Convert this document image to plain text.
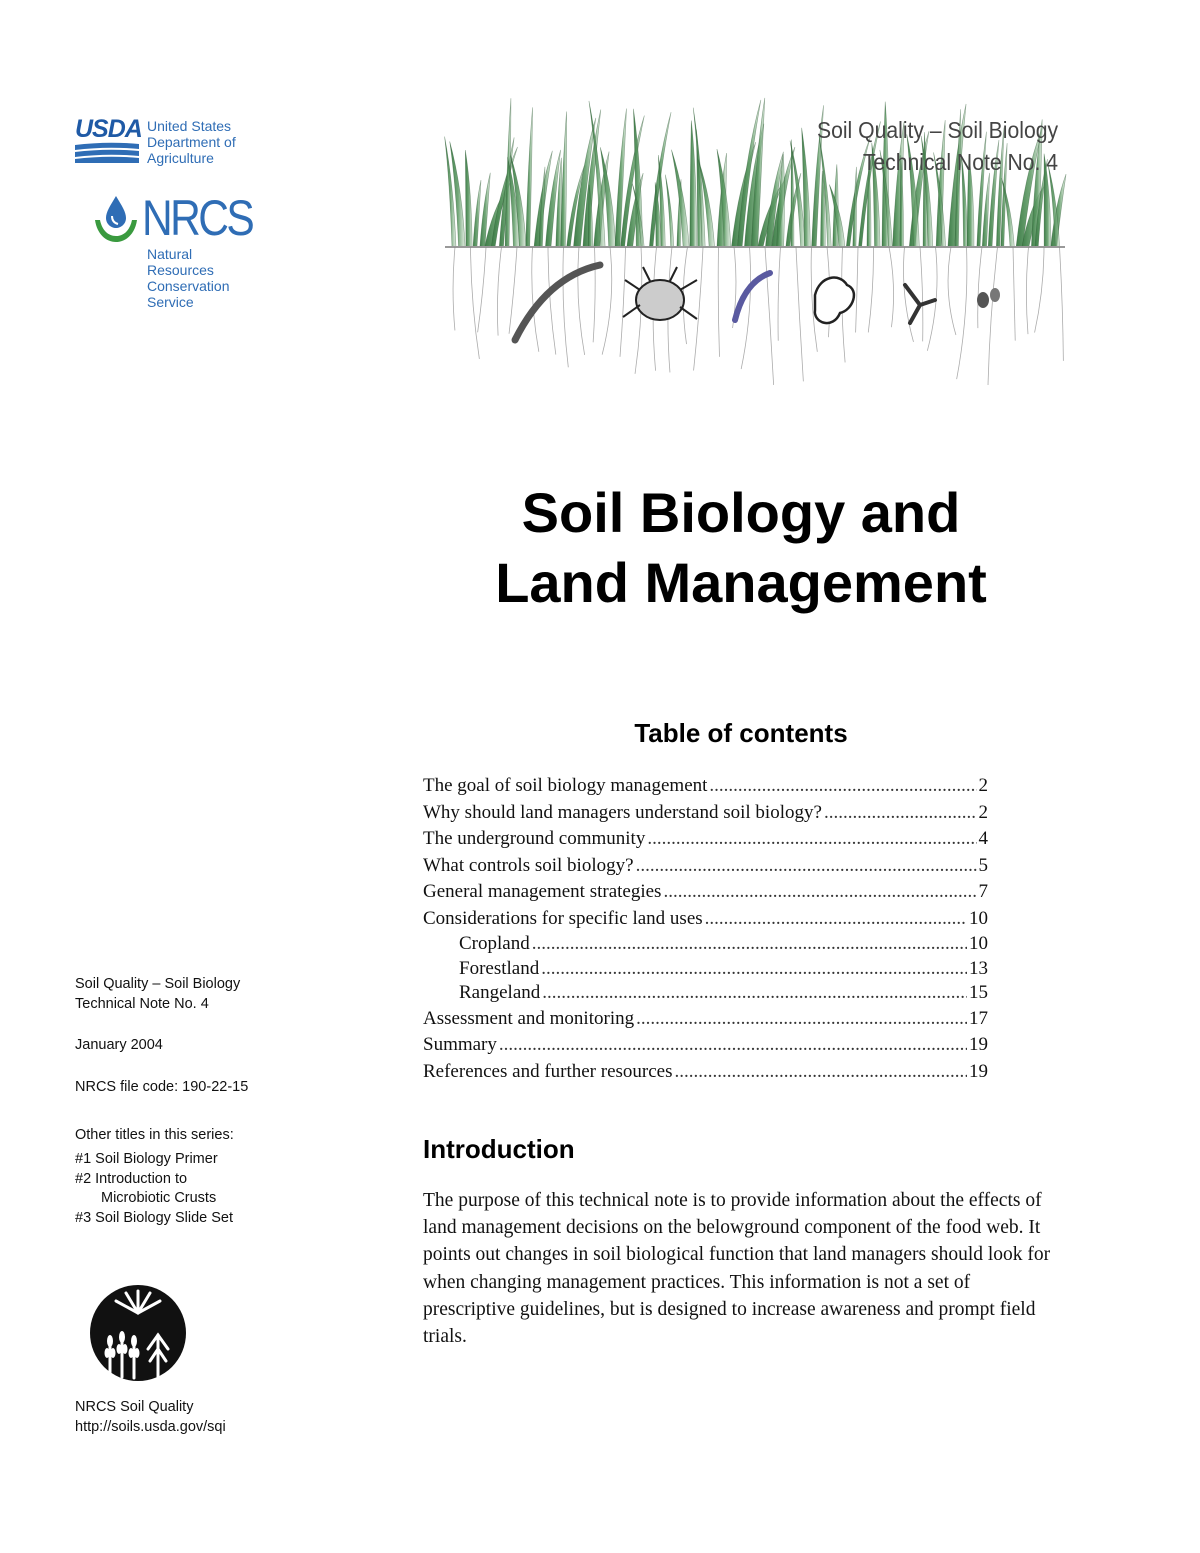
USDA United States
Department of
Agriculture
NRCS
Natural
Resources
Conservation
Service
Soil Quality – Soil Biology
Technical Note No. 4
Soil Biology and
Land Management
Table of contents
The goal of soil biology management .....	2
Why should land managers understand soil biology? .....	2
The underground community .....	4
What controls soil biology? .....	5
General management strategies .....	7
Considerations for specific land uses .....	10
Cropland .....	10
Forestland .....	13
Rangeland .....	15
Assessment and monitoring .....	17
Summary .....	19
References and further resources .....	19
Introduction

The purpose of this technical note is to provide information about the effects of land management decisions on the belowground component of the food web. It points out changes in soil biological function that land managers should look for when changing management practices. This information is not a set of prescriptive guidelines, but is designed to increase awareness and prompt field trials.

Soil Quality – Soil Biology
Technical Note No. 4
January 2004
NRCS file code: 190-22-15
Other titles in this series:
#1 Soil Biology Primer
#2 Introduction to
Microbiotic Crusts
#3 Soil Biology Slide Set
NRCS Soil Quality
http://soils.usda.gov/sqi
